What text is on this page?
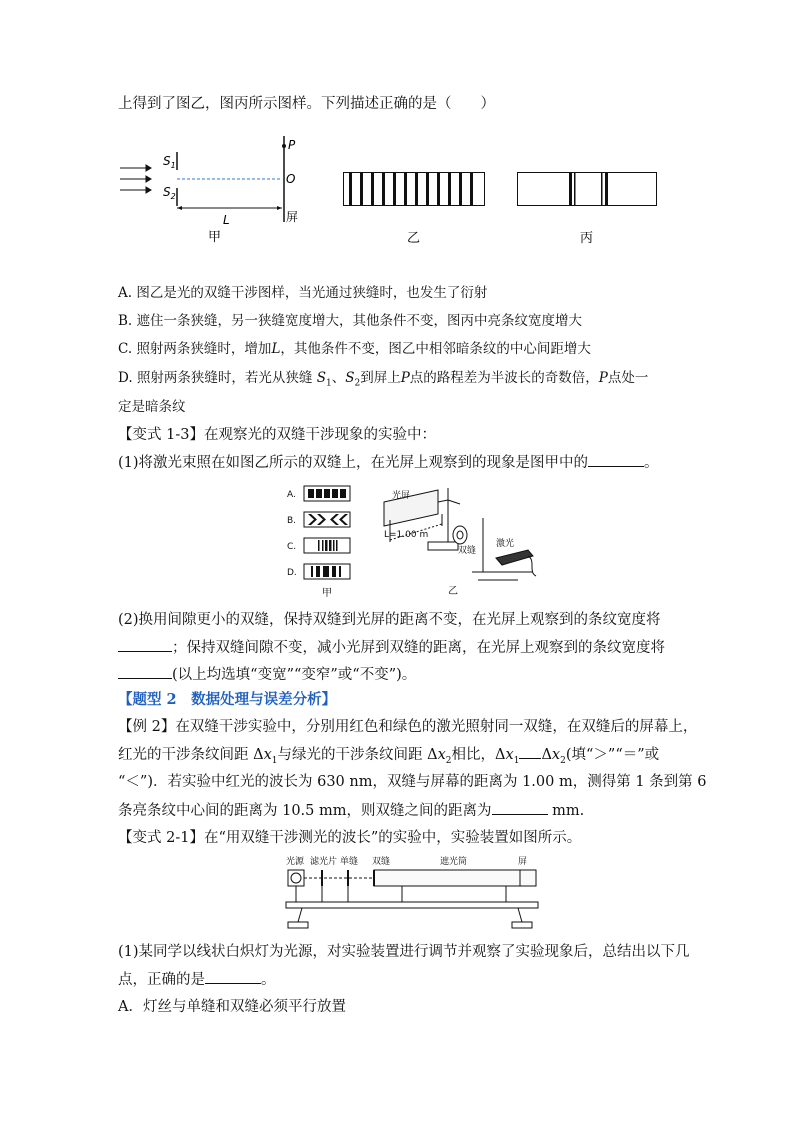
上得到了图乙，图丙所示图样。下列描述正确的是（　　）
$S_1$
$S_2$
P
O
L	屏
甲	乙	丙
A. 图乙是光的双缝干涉图样，当光通过狭缝时，也发生了衍射
B. 遮住一条狭缝，另一狭缝宽度增大，其他条件不变，图丙中亮条纹宽度增大
C. 照射两条狭缝时，增加L，其他条件不变，图乙中相邻暗条纹的中心间距增大
D. 照射两条狭缝时，若光从狭缝 $S_1$、$S_2$到屏上P点的路程差为半波长的奇数倍，P点处一
定是暗条纹
【变式 1-3】在观察光的双缝干涉现象的实验中：
(1)将激光束照在如图乙所示的双缝上，在光屏上观察到的现象是图甲中的	。
A.
B.
C.
D.
甲
光屏
L=1.00 m
双缝
激光
乙
(2)换用间隙更小的双缝，保持双缝到光屏的距离不变，在光屏上观察到的条纹宽度将
；保持双缝间隙不变，减小光屏到双缝的距离，在光屏上观察到的条纹宽度将
(以上均选填“变宽”“变窄”或“不变”)。
【题型 2　数据处理与误差分析】
【例 2】在双缝干涉实验中，分别用红色和绿色的激光照射同一双缝，在双缝后的屏幕上，
红光的干涉条纹间距 $\Delta x_1$与绿光的干涉条纹间距 $\Delta x_2$相比，$\Delta x_1$ $\Delta x_2$(填“＞”“＝”或
“＜”)．若实验中红光的波长为 630 nm，双缝与屏幕的距离为 1.00 m，测得第 1 条到第 6
条亮条纹中心间的距离为 10.5 mm，则双缝之间的距离为	mm.
【变式 2-1】在“用双缝干涉测光的波长”的实验中，实验装置如图所示。
光源 滤光片 单缝 双缝	遮光筒	屏
(1)某同学以线状白炽灯为光源，对实验装置进行调节并观察了实验现象后，总结出以下几
点，正确的是	。
A．灯丝与单缝和双缝必须平行放置
